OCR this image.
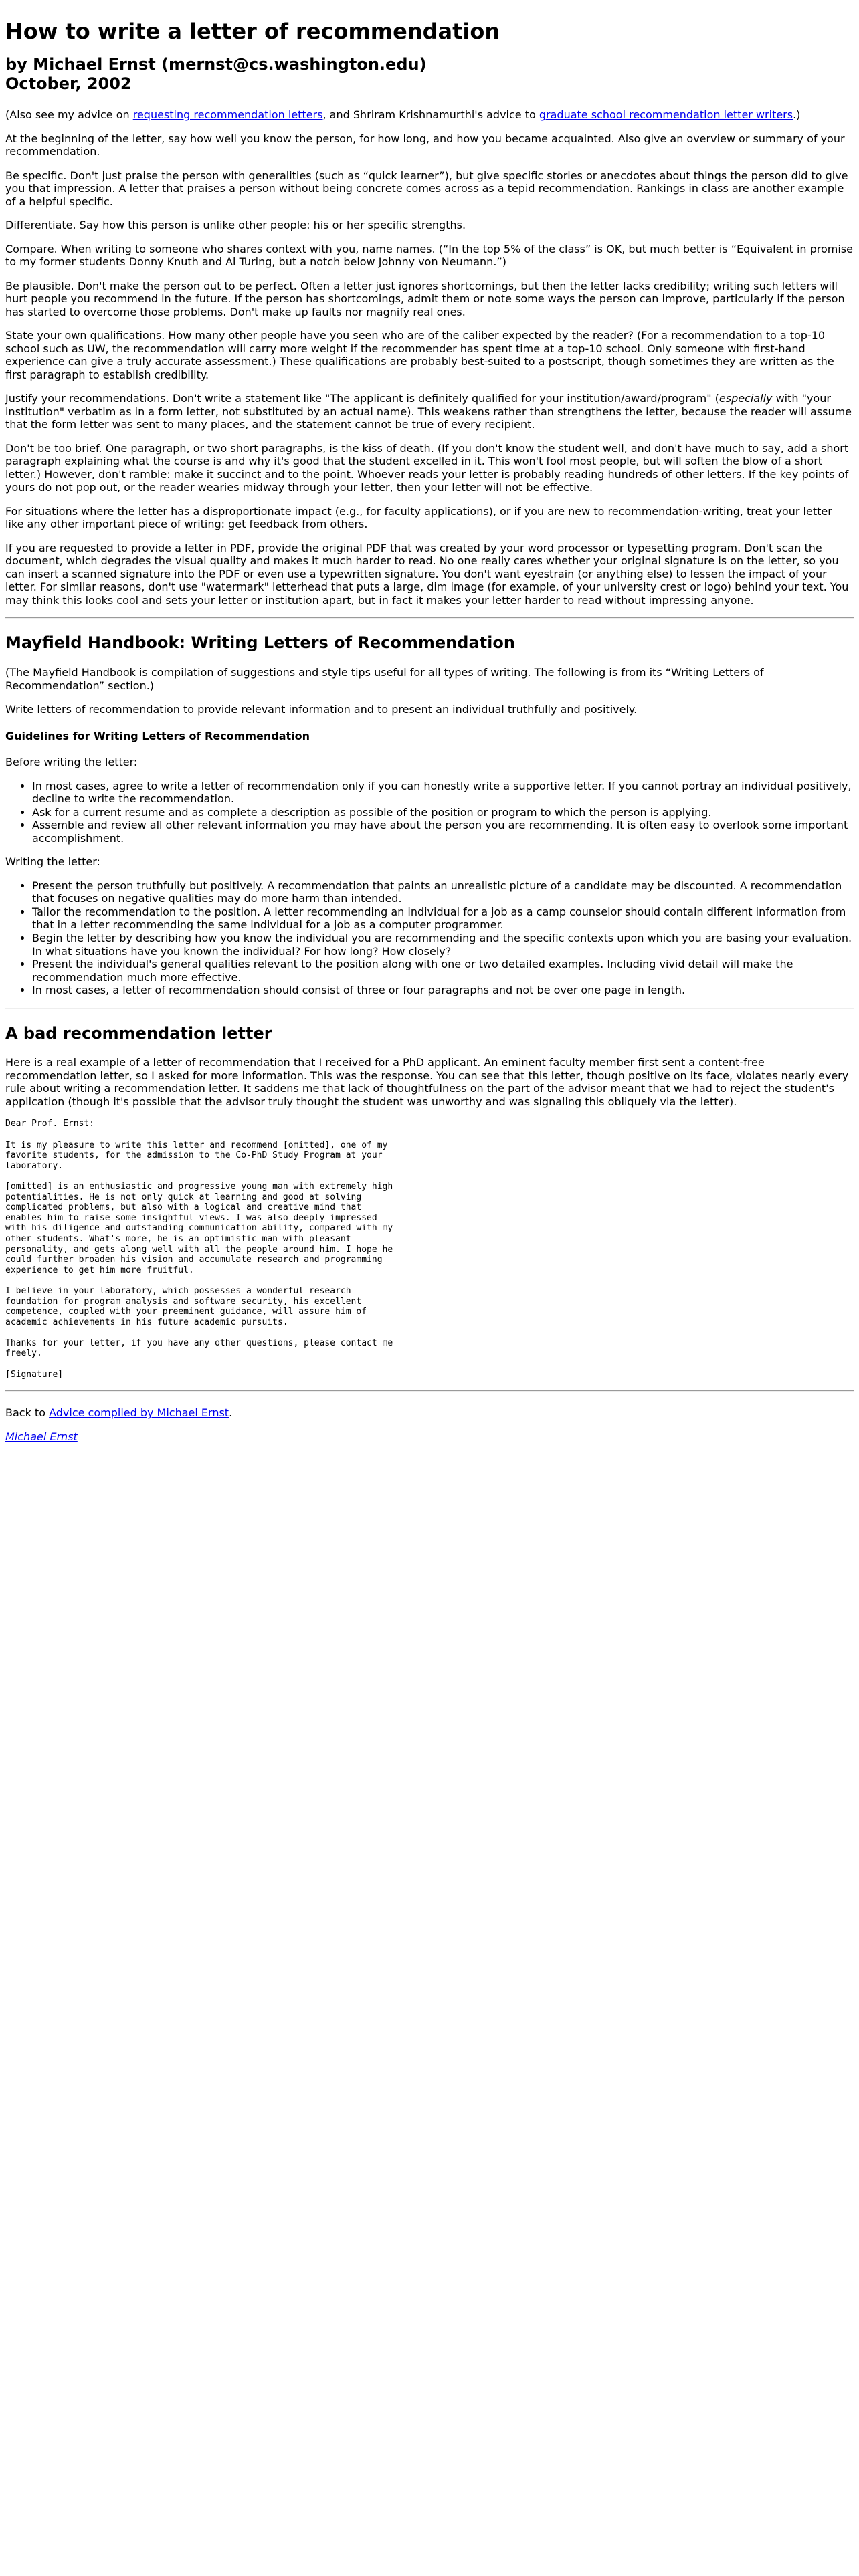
How to write a letter of recommendation
by Michael Ernst (mernst@cs.washington.edu)
October, 2002

(Also see my advice on requesting recommendation letters, and Shriram Krishnamurthi's advice to graduate school recommendation letter writers.)

At the beginning of the letter, say how well you know the person, for how long, and how you became acquainted. Also give an overview or summary of your recommendation.

Be specific. Don't just praise the person with generalities (such as “quick learner”), but give specific stories or anecdotes about things the person did to give you that impression. A letter that praises a person without being concrete comes across as a tepid recommendation. Rankings in class are another example of a helpful specific.

Differentiate. Say how this person is unlike other people: his or her specific strengths.

Compare. When writing to someone who shares context with you, name names. (“In the top 5% of the class” is OK, but much better is “Equivalent in promise to my former students Donny Knuth and Al Turing, but a notch below Johnny von Neumann.”)

Be plausible. Don't make the person out to be perfect. Often a letter just ignores shortcomings, but then the letter lacks credibility; writing such letters will hurt people you recommend in the future. If the person has shortcomings, admit them or note some ways the person can improve, particularly if the person has started to overcome those problems. Don't make up faults nor magnify real ones.

State your own qualifications. How many other people have you seen who are of the caliber expected by the reader? (For a recommendation to a top-10 school such as UW, the recommendation will carry more weight if the recommender has spent time at a top-10 school. Only someone with first-hand experience can give a truly accurate assessment.) These qualifications are probably best-suited to a postscript, though sometimes they are written as the first paragraph to establish credibility.

Justify your recommendations. Don't write a statement like "The applicant is definitely qualified for your institution/award/program" (especially with "your institution" verbatim as in a form letter, not substituted by an actual name). This weakens rather than strengthens the letter, because the reader will assume that the form letter was sent to many places, and the statement cannot be true of every recipient.

Don't be too brief. One paragraph, or two short paragraphs, is the kiss of death. (If you don't know the student well, and don't have much to say, add a short paragraph explaining what the course is and why it's good that the student excelled in it. This won't fool most people, but will soften the blow of a short letter.) However, don't ramble: make it succinct and to the point. Whoever reads your letter is probably reading hundreds of other letters. If the key points of yours do not pop out, or the reader wearies midway through your letter, then your letter will not be effective.

For situations where the letter has a disproportionate impact (e.g., for faculty applications), or if you are new to recommendation-writing, treat your letter like any other important piece of writing: get feedback from others.

If you are requested to provide a letter in PDF, provide the original PDF that was created by your word processor or typesetting program. Don't scan the document, which degrades the visual quality and makes it much harder to read. No one really cares whether your original signature is on the letter, so you can insert a scanned signature into the PDF or even use a typewritten signature. You don't want eyestrain (or anything else) to lessen the impact of your letter. For similar reasons, don't use "watermark" letterhead that puts a large, dim image (for example, of your university crest or logo) behind your text. You may think this looks cool and sets your letter or institution apart, but in fact it makes your letter harder to read without impressing anyone.

Mayfield Handbook: Writing Letters of Recommendation

(The Mayfield Handbook is compilation of suggestions and style tips useful for all types of writing. The following is from its “Writing Letters of Recommendation” section.)

Write letters of recommendation to provide relevant information and to present an individual truthfully and positively.

Guidelines for Writing Letters of Recommendation

Before writing the letter:

• In most cases, agree to write a letter of recommendation only if you can honestly write a supportive letter. If you cannot portray an individual positively, decline to write the recommendation.
• Ask for a current resume and as complete a description as possible of the position or program to which the person is applying.
• Assemble and review all other relevant information you may have about the person you are recommending. It is often easy to overlook some important accomplishment.

Writing the letter:

• Present the person truthfully but positively. A recommendation that paints an unrealistic picture of a candidate may be discounted. A recommendation that focuses on negative qualities may do more harm than intended.
• Tailor the recommendation to the position. A letter recommending an individual for a job as a camp counselor should contain different information from that in a letter recommending the same individual for a job as a computer programmer.
• Begin the letter by describing how you know the individual you are recommending and the specific contexts upon which you are basing your evaluation. In what situations have you known the individual? For how long? How closely?
• Present the individual's general qualities relevant to the position along with one or two detailed examples. Including vivid detail will make the recommendation much more effective.
• In most cases, a letter of recommendation should consist of three or four paragraphs and not be over one page in length.
A bad recommendation letter

Here is a real example of a letter of recommendation that I received for a PhD applicant. An eminent faculty member first sent a content-free recommendation letter, so I asked for more information. This was the response. You can see that this letter, though positive on its face, violates nearly every rule about writing a recommendation letter. It saddens me that lack of thoughtfulness on the part of the advisor meant that we had to reject the student's application (though it's possible that the advisor truly thought the student was unworthy and was signaling this obliquely via the letter).

Dear Prof. Ernst:

It is my pleasure to write this letter and recommend [omitted], one of my
favorite students, for the admission to the Co-PhD Study Program at your
laboratory.

[omitted] is an enthusiastic and progressive young man with extremely high
potentialities. He is not only quick at learning and good at solving
complicated problems, but also with a logical and creative mind that
enables him to raise some insightful views. I was also deeply impressed
with his diligence and outstanding communication ability, compared with my
other students. What's more, he is an optimistic man with pleasant
personality, and gets along well with all the people around him. I hope he
could further broaden his vision and accumulate research and programming
experience to get him more fruitful.

I believe in your laboratory, which possesses a wonderful research
foundation for program analysis and software security, his excellent
competence, coupled with your preeminent guidance, will assure him of
academic achievements in his future academic pursuits.

Thanks for your letter, if you have any other questions, please contact me
freely.

[Signature]

Back to Advice compiled by Michael Ernst.

Michael Ernst
